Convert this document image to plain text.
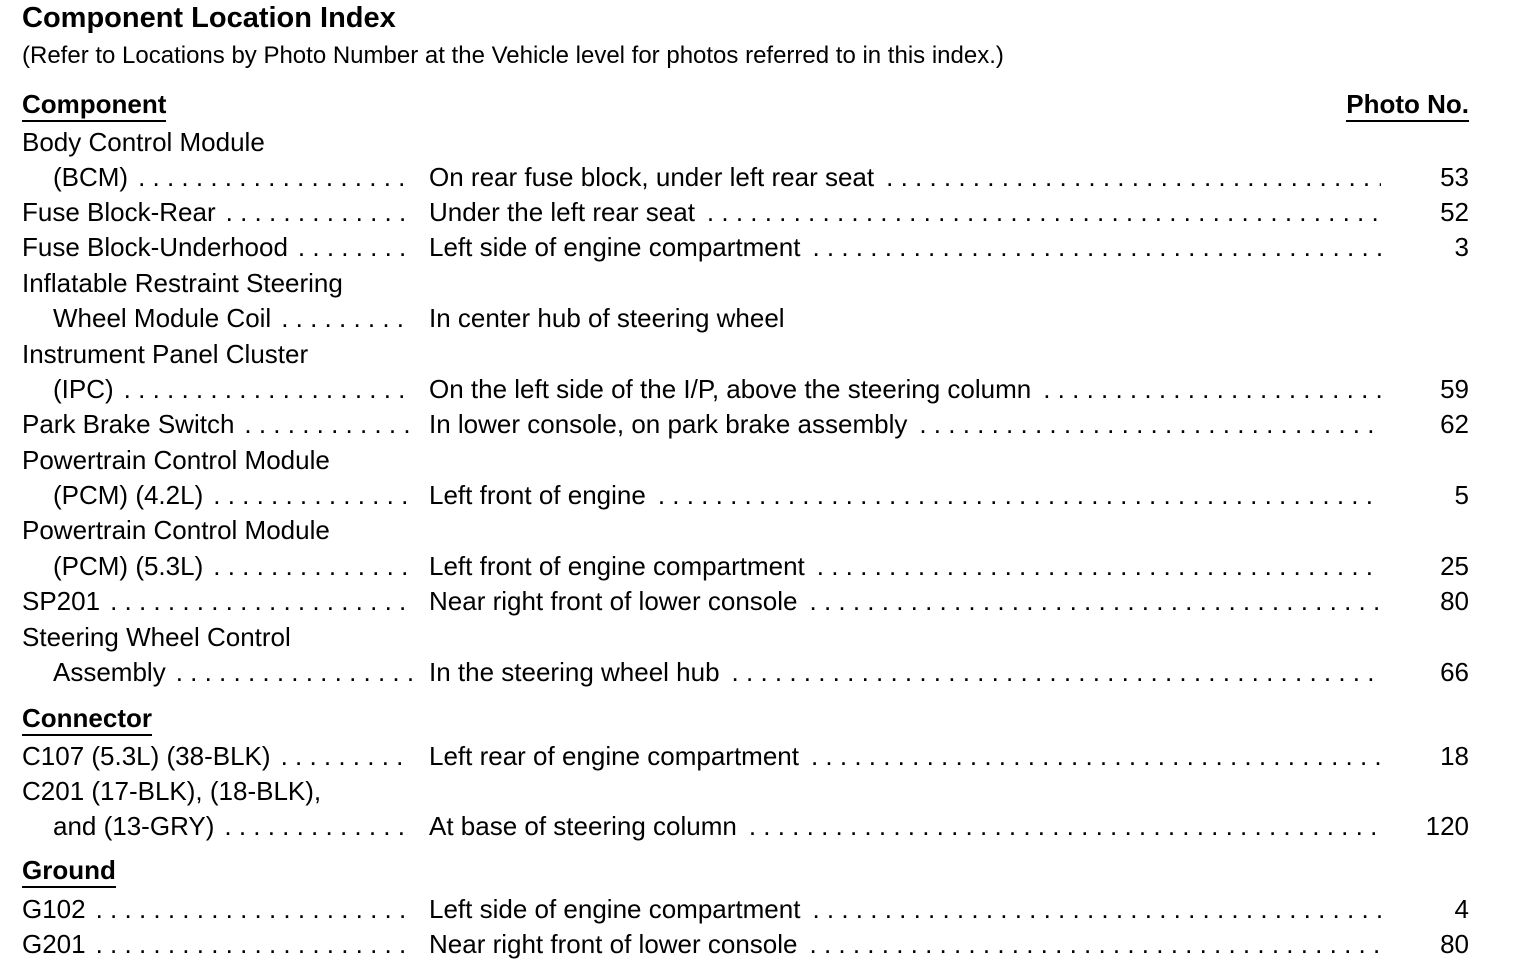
Component Location Index
(Refer to Locations by Photo Number at the Vehicle level for photos referred to in this index.)
Component	Photo No.
Body Control Module
(BCM) . . .	On rear fuse block, under left rear seat . . .	53
Fuse Block-Rear . . .	Under the left rear seat . . .	52
Fuse Block-Underhood . . .	Left side of engine compartment . . .	3
Inflatable Restraint Steering
Wheel Module Coil . . .	In center hub of steering wheel
Instrument Panel Cluster
(IPC) . . .	On the left side of the I/P, above the steering column . . .	59
Park Brake Switch . . .	In lower console, on park brake assembly . . .	62
Powertrain Control Module
(PCM) (4.2L) . . .	Left front of engine . . .	5
Powertrain Control Module
(PCM) (5.3L) . . .	Left front of engine compartment . . .	25
SP201 . . .	Near right front of lower console . . .	80
Steering Wheel Control
Assembly . . .	In the steering wheel hub . . .	66
Connector
C107 (5.3L) (38-BLK) . . .	Left rear of engine compartment . . .	18
C201 (17-BLK), (18-BLK),
and (13-GRY) . . .	At base of steering column . . .	120
Ground
G102 . . .	Left side of engine compartment . . .	4
G201 . . .	Near right front of lower console . . .	80
